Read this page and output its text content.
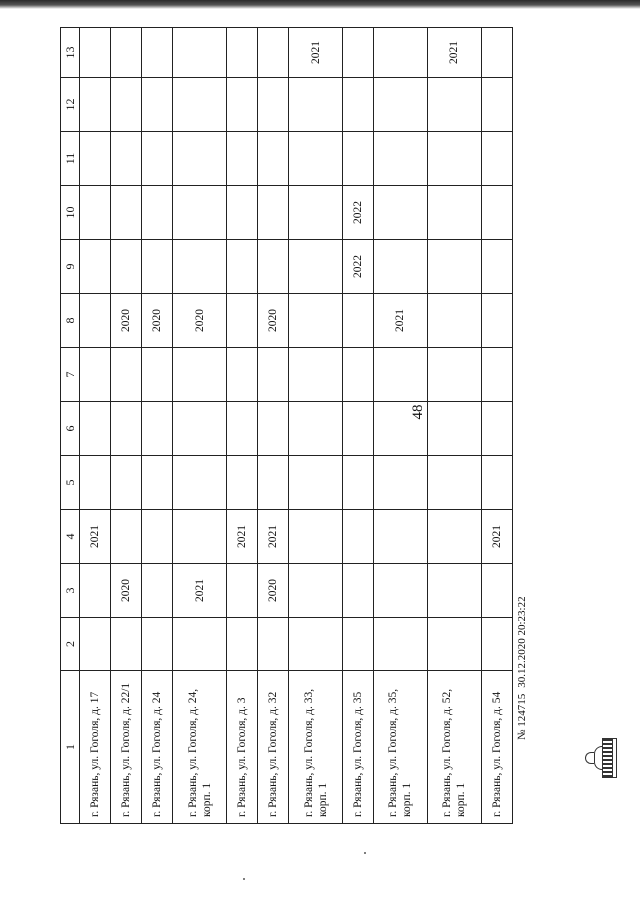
48
1	2	3	4	5	6	7	8	9	10	11	12	13
г. Рязань, ул. Гоголя, д. 17			2021									
г. Рязань, ул. Гоголя, д. 22/1		2020					2020					
г. Рязань, ул. Гоголя, д. 24							2020					
г. Рязань, ул. Гоголя, д. 24, корп. 1		2021					2020					
г. Рязань, ул. Гоголя, д. 3			2021									
г. Рязань, ул. Гоголя, д. 32		2020	2021				2020					
г. Рязань, ул. Гоголя, д. 33, корп. 1												2021
г. Рязань, ул. Гоголя, д. 35								2022	2022			
г. Рязань, ул. Гоголя, д. 35, корп. 1							2021					
г. Рязань, ул. Гоголя, д. 52, корп. 1												2021
г. Рязань, ул. Гоголя, д. 54			2021									
№ 12471530.12.2020 20:23:22
